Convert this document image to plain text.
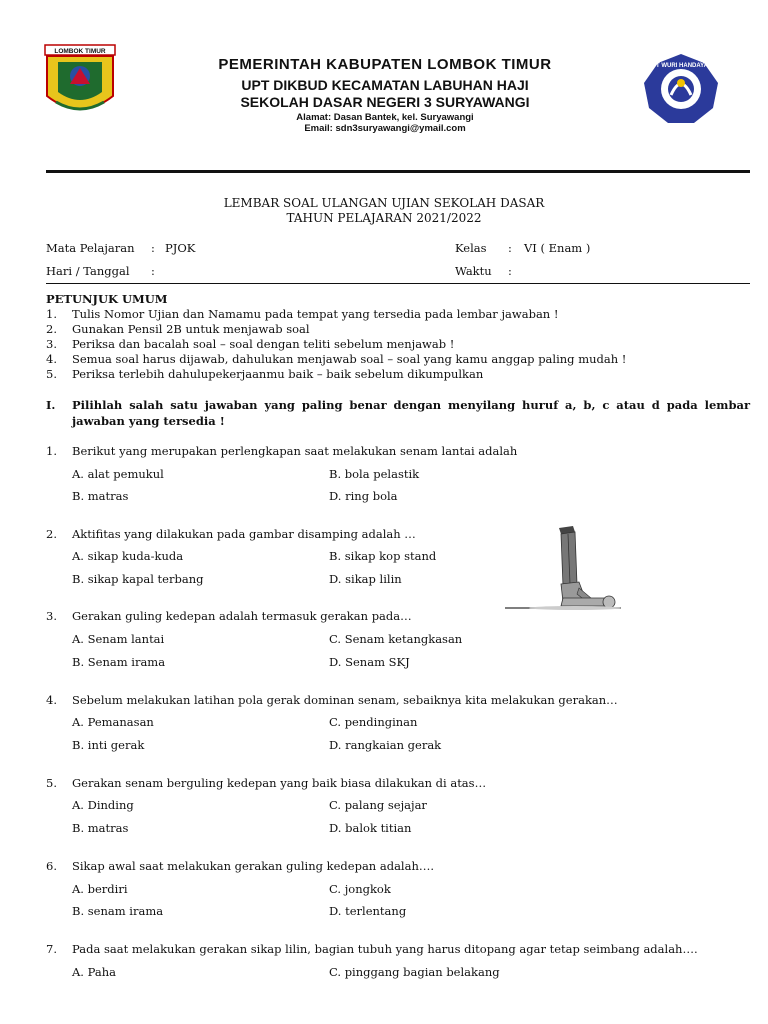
LOMBOK TIMUR
TUT WURI HANDAYANI
PEMERINTAH KABUPATEN LOMBOK TIMUR
UPT DIKBUD KECAMATAN LABUHAN HAJI
SEKOLAH DASAR NEGERI 3 SURYAWANGI
Alamat: Dasan Bantek, kel. Suryawangi
Email: sdn3suryawangi@ymail.com
LEMBAR SOAL ULANGAN UJIAN SEKOLAH DASAR
TAHUN PELAJARAN 2021/2022
Mata Pelajaran : PJOK	Kelas : VI ( Enam )
Hari / Tanggal :	Waktu :
PETUNJUK UMUM
1. Tulis Nomor Ujian dan Namamu pada tempat yang tersedia pada lembar jawaban !
2. Gunakan Pensil 2B untuk menjawab soal
3. Periksa dan bacalah soal – soal dengan teliti sebelum menjawab !
4. Semua soal harus dijawab, dahulukan menjawab soal – soal yang kamu anggap paling mudah !
5. Periksa terlebih dahulupekerjaanmu baik – baik sebelum dikumpulkan
I. Pilihlah salah satu jawaban yang paling benar dengan menyilang huruf a, b, c atau d pada lembar jawaban yang tersedia !
1. Berikut yang merupakan perlengkapan saat melakukan senam lantai adalah
A. alat pemukul	B. bola pelastik
B. matras	D. ring bola
2. Aktifitas yang dilakukan pada gambar disamping adalah …
A. sikap kuda-kuda	B. sikap kop stand
B. sikap kapal terbang	D. sikap lilin
3. Gerakan guling kedepan adalah termasuk gerakan pada…
A. Senam lantai	C. Senam ketangkasan
B. Senam irama	D. Senam SKJ
4. Sebelum melakukan latihan pola gerak dominan senam, sebaiknya kita melakukan gerakan…
A. Pemanasan	C. pendinginan
B. inti gerak	D. rangkaian gerak
5. Gerakan senam berguling kedepan yang baik biasa dilakukan di atas…
A. Dinding	C. palang sejajar
B. matras	D. balok titian
6. Sikap awal saat melakukan gerakan guling kedepan adalah….
A. berdiri	C. jongkok
B. senam irama	D. terlentang
7. Pada saat melakukan gerakan sikap lilin, bagian tubuh yang harus ditopang agar tetap seimbang adalah….
A. Paha	C. pinggang bagian belakang
